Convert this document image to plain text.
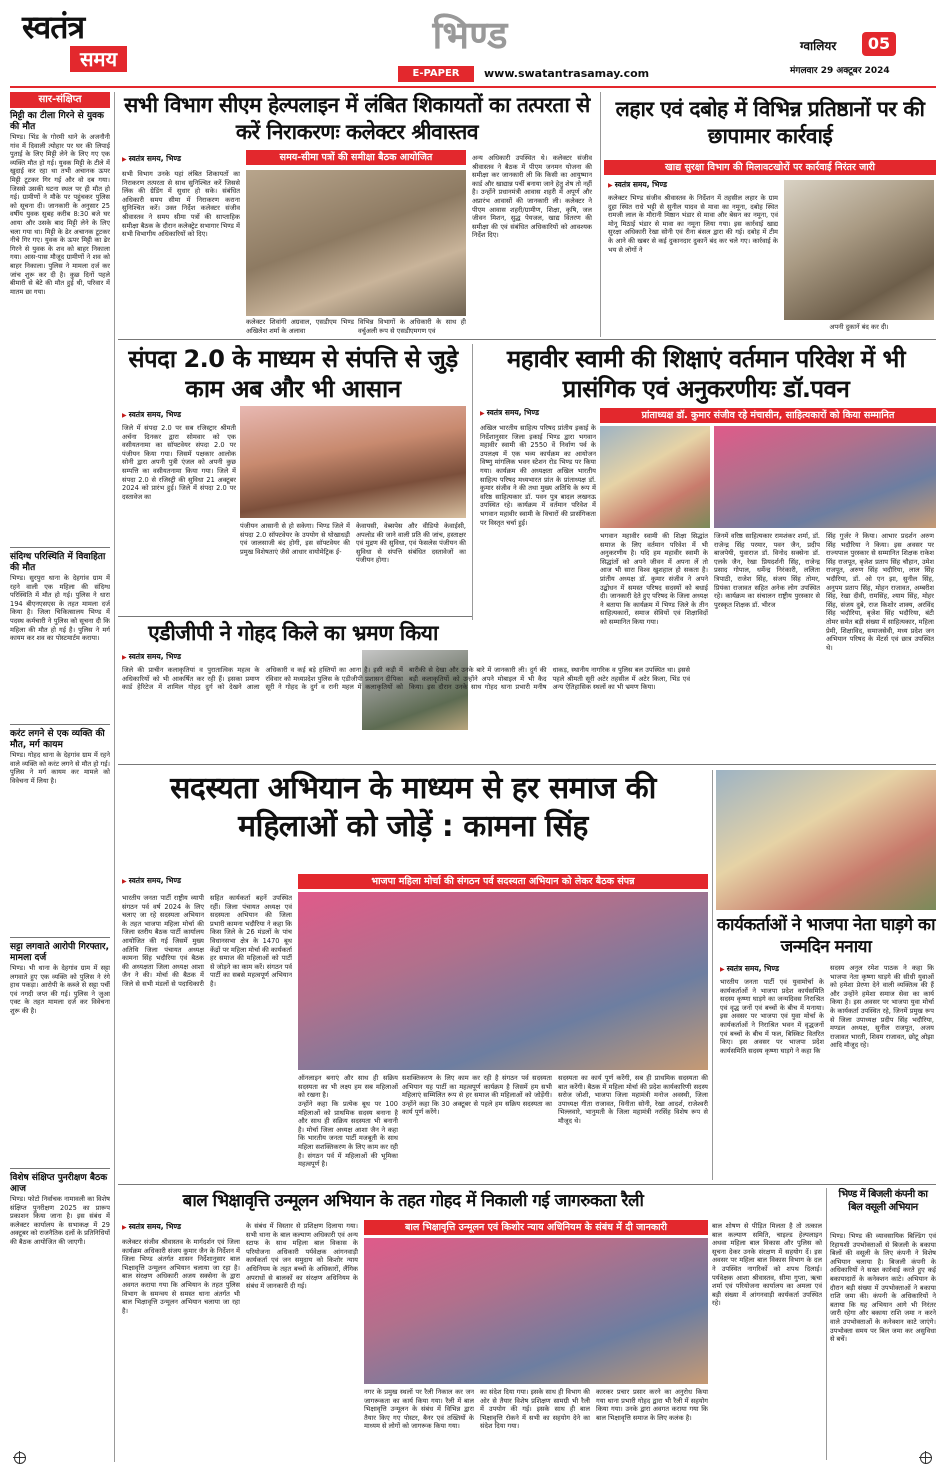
स्वतंत्र
समय
भिण्ड
E-PAPER	www.swatantrasamay.com
ग्वालियर	05
मंगलवार 29 अक्टूबर 2024
सार-संक्षिप्त
मिट्टी का टीला गिरने से युवक की मौत
भिण्ड। भिंड के गोरमी थाने के अजनौनी गांव में दिवाली त्योहार पर घर की लिपाई पुताई के लिए मिट्टी लेने के लिए गए एक व्यक्ति मौत हो गई। युवक मिट्टी के टीले में खुदाई कर रहा था तभी अचानक ऊपर मिट्टी टूटकर गिर गई और वो दब गया। जिससे उसकी घटना स्थल पर ही मौत हो गई। ग्रामीणों ने मौके पर पहुंचकर पुलिस को सूचना दी। जानकारी के अनुसार 25 वर्षीय युवक सुबह करीब 8:30 बजे घर आया और उसके बाद मिट्टी लेने के लिए चला गया था। मिट्टी के ढेर अचानक टूटकर नीचे गिर गए। युवक के ऊपर मिट्टी का ढेर गिरने से युवक के शव को बाहर निकाला गया। आस-पास मौजूद ग्रामीणों ने शव को बाहर निकाला। पुलिस ने मामला दर्ज कर जांच शुरू कर दी है। कुछ दिनों पहले बीमारी से बेटे की मौत हुई थी, परिवार में मातम छा गया।
संदिग्ध परिस्थिति में विवाहिता की मौत
भिण्ड। सुरपुरा थाना के देहगांव ग्राम में रहने वाली एक महिला की संदिग्ध परिस्थिति में मौत हो गई। पुलिस ने धारा 194 बीएनएसएस के तहत मामला दर्ज किया है। जिला चिकित्सालय भिण्ड में पदस्थ कर्मचारी ने पुलिस को सूचना दी कि महिला की मौत हो गई है। पुलिस ने मर्ग कायम कर शव का पोस्टमार्टम कराया।
करंट लगने से एक व्यक्ति की मौत, मर्ग कायम
भिण्ड। गोहद थाना के देहगांव ग्राम में रहने वाले व्यक्ति को करंट लगने से मौत हो गई। पुलिस ने मर्ग कायम कर मामले को विवेचना में लिया है।
सट्टा लगवाते आरोपी गिरफ्तार, मामला दर्ज
भिण्ड। भी थाना के देहगांव ग्राम में सट्टा लगवाते हुए एक व्यक्ति को पुलिस ने रंगे हाथ पकड़ा। आरोपी के कब्जे से सट्टा पर्ची एवं नगदी जप्त की गई। पुलिस ने जुआ एक्ट के तहत मामला दर्ज कर विवेचना शुरू की है।
विशेष संक्षिप्त पुनरीक्षण बैठक आज
भिण्ड। फोटो निर्वाचक नामावली का विशेष संक्षिप्त पुनरीक्षण 2025 का प्रारूप प्रकाशन किया जाना है। इस संबंध में कलेक्टर कार्यालय के सभाकक्ष में 29 अक्टूबर को राजनैतिक दलों के प्रतिनिधियों की बैठक आयोजित की जाएगी।
सभी विभाग सीएम हेल्पलाइन में लंबित शिकायतों का तत्परता से करें निराकरणः कलेक्टर श्रीवास्तव
▶ स्वतंत्र समय, भिण्ड	समय-सीमा पत्रों की समीक्षा बैठक आयोजित
सभी विभाग उनके यहां लंबित शिकायतों का निराकरण तत्परता से साथ सुनिश्चित करें जिससे लिंक की ग्रेडिंग में सुधार हो सके। संबंधित अधिकारी समय सीमा में निराकरण कराना सुनिश्चित करें। उक्त निर्देश कलेक्टर संजीव श्रीवास्तव ने समय सीमा पत्रों की साप्ताहिक समीक्षा बैठक के दौरान कलेक्ट्रेट सभागार भिण्ड में सभी विभागीय अधिकारियों को दिए।
कलेक्टर शिवांगी अग्रवाल, एसडीएम भिण्ड अखिलेश शर्मा के अलावा
विभिन्न विभागों के अधिकारी के साथ ही वर्चुअली रूप से एसडीएमगण एवं
अन्य अधिकारी उपस्थित थे। कलेक्टर संजीव श्रीवास्तव ने बैठक में पीएम जनमन योजना की समीक्षा कर जानकारी ली कि किसी का आयुष्मान कार्ड और खाद्यान्न पर्ची बनाया जाने हेतु शेष तो नहीं है। उन्होंने प्रधानमंत्री आवास शहरी में अपूर्ण और अप्रारंभ आवासों की जानकारी ली। कलेक्टर ने पीएम आवास शहरी/ग्रामीण, शिक्षा, कृषि, जल जीवन मिशन, सुद्ध पेयजल, खाद्य वितरण की समीक्षा की एवं संबंधित अधिकारियों को आवश्यक निर्देश दिए।
लहार एवं दबोह में विभिन्न प्रतिष्ठानों पर की छापामार कार्रवाई
खाद्य सुरक्षा विभाग की मिलावटखोरों पर कार्रवाई निरंतर जारी
▶ स्वतंत्र समय, भिण्ड
कलेक्टर भिण्ड संजीव श्रीवास्तव के निर्देशन में तहसील लहार के ग्राम दुहा स्थित राधे भट्टी से सुनील यादव से मावा का नमूना, दबोह स्थित रामजी लाल के मौरानी मिष्ठान भंडार से मावा और बेसन का नमूना, एवं मोनू मिठाई भंडार से मावा का नमूना लिया गया। इस कार्रवाई खाद्य सुरक्षा अधिकारी रेखा सोनी एवं रीना बंसल द्वारा की गई। दबोह में टीम के आने की खबर से कई दुकानदार दुकानें बंद कर चले गए। कार्रवाई के भय से लोगों ने
अपनी दुकानें बंद कर दी।
संपदा 2.0 के माध्यम से संपत्ति से जुड़े काम अब और भी आसान
▶ स्वतंत्र समय, भिण्ड
जिले में संपदा 2.0 पर सब रजिस्ट्रार श्रीमती अर्चना दिनकर द्वारा सोमवार को एक वसीयतनामा का सॉफ्टवेयर संपदा 2.0 पर पंजीयन किया गया। जिसमें पक्षकार आलोक सोनी द्वारा अपनी पुत्री एंजल को अपनी कुछ सम्पत्ति का वसीयतनामा किया गया। जिले में संपदा 2.0 से रजिस्ट्री की सुविधा 21 अक्टूबर 2024 को प्रारंभ हुई। जिले में संपदा 2.0 पर दस्तावेज का
पंजीयन आसानी से हो सकेगा। भिण्ड जिले में संपदा 2.0 सॉफ्टवेयर के उपयोग से घोखाधड़ी एवं जालसाजी बंद होगी, इस सॉफ्टवेयर की प्रमुख विशेषताएं जैसे आधार वायोमेट्रिक ई-
केवायसी, वेब्सपेस और वीडियो केवाईसी, अपलोड की जाने वाली प्रति की जांच, हस्ताक्षर एवं मुद्रण की सुविधा, एवं फेसलेस पंजीयन की सुविधा से संपत्ति संबंधित दस्तावेजों का पंजीयन होगा।
महावीर स्वामी की शिक्षाएं वर्तमान परिवेश में भी प्रासंगिक एवं अनुकरणीयः डॉ.पवन
प्रांताध्यक्ष डॉ. कुमार संजीव रहे मंचासीन, साहित्यकारों को किया सम्मानित
▶ स्वतंत्र समय, भिण्ड
अखिल भारतीय साहित्य परिषद प्रांतीय इकाई के निर्देशानुसार जिला इकाई भिण्ड द्वारा भगवान महावीर स्वामी की 2550 वें निर्वाण पर्व के उपलक्ष्य में एक भव्य कार्यक्रम का आयोजन विष्णु मांगलिक भवन स्टेशन रोड भिण्ड पर किया गया। कार्यक्रम की अध्यक्षता अखिल भारतीय साहित्य परिषद मध्यभारत प्रांत के प्रांताध्यक्ष डॉ. कुमार संजीव ने की तथा मुख्य अतिथि के रूप में वरिष्ठ साहित्यकार डॉ. पवन पुत्र बादल लखनऊ उपस्थित रहे। कार्यक्रम में वर्तमान परिवेश में भगवान महावीर स्वामी के विचारों की प्रासंगिकता पर विस्तृत चर्चा हुई।
भगवान महावीर स्वामी की शिक्षा सिद्धांत समाज के लिए वर्तमान परिवेश में भी अनुकरणीय है। यदि हम महावीर स्वामी के सिद्धांतों को अपने जीवन में अपना लें तो आज भी सारा विश्व खुशहाल हो सकता है। प्रांतीय अध्यक्ष डॉ. कुमार संजीव ने अपने उद्बोधन में समस्त परिषद सदस्यों को बधाई दी। जानकारी देते हुए परिषद के जिला अध्यक्ष ने बताया कि कार्यक्रम में भिण्ड जिले के तीन साहित्यकारों, समाज सेवियों एवं शिक्षाविदों को सम्मानित किया गया।
जिनमें वरिष्ठ साहित्यकार रामशंकर शर्मा, डॉ. राजेन्द्र सिंह परमार, पवन जैन, प्रदीप बाजपेयी, युवाराज डॉ. विनोद सक्सेना डॉ. एलके जैन, रेखा प्रियदर्शनी सिंह, राजेन्द्र प्रसाद गोपाल, धर्मेन्द्र निरंकारी, ललिता त्रिपाठी, राजेश सिंह, संजय सिंह तोमर, प्रियंका राजावत सहित अनेक लोग उपस्थित रहे। कार्यक्रम का संचालन राष्ट्रीय पुरस्कार से पुरस्कृत शिक्षक डॉ. भीरज
सिंह गुर्जर ने किया। आभार प्रदर्शन अरुण सिंह भदौरिया ने किया। इस अवसर पर राज्यपाल पुरस्कार से सम्मानित शिक्षक राकेश सिंह राजपूत, बृजेश प्रताप सिंह चौहान, उमेश राजपूत, अरुण सिंह भदौरिया, लाल सिंह भदौरिया, डॉ. ओ एन झा, सुनील सिंह, अनुपम प्रताप सिंह, मोहन राजावत, अम्बरीश सिंह, रेखा दीवी, रामसिंह, श्याम सिंह, मोहर सिंह, संजय दुबे, राज किशोर शाक्य, अरविंद सिंह भदौरिया, बृजेश सिंह भदौरिया, बंटी तोमर समेत बड़ी संख्या में साहित्यकार, महिला प्रेमी, शिक्षाविद, समाजसेवी, मध्य प्रदेश जन अभियान परिषद के मेंटर्स एवं छात्र उपस्थित थे।
एडीजीपी ने गोहद किले का भ्रमण किया
▶ स्वतंत्र समय, भिण्ड
जिले की प्राचीन कलाकृतियां व पुरातात्विक महत्व के अधिकारियों को भी आकर्षित कर रही हैं। इसका प्रमाण कार्ड हेरिटेज में शामिल गोहद दुर्ग को देखने आला अधिकारी व कई बड़े हस्तियों का आना है। इसी कड़ी में रविवार को मध्यप्रदेश पुलिस के एडीजीपी प्रशासन दीपिका सूरी ने गोहद के दुर्ग व रानी महल में कलाकृतियों को बारीकी से देखा और उनके बारे में जानकारी ली। दुर्ग की बड़ी कलाकृतियों को उन्होंने अपने मोबाइल में भी कैद किया। इस दौरान उनके साथ गोहद थाना प्रभारी मनीष धाकड़, स्थानीय नागरिक व पुलिस बल उपस्थित था। इससे पहले श्रीमती सूरी अटेर तहसील में अटेर किला, भिंड एवं अन्य ऐतिहासिक स्थलों का भी भ्रमण किया।
सदस्यता अभियान के माध्यम से हर समाज की महिलाओं को जोड़ें : कामना सिंह
▶ स्वतंत्र समय, भिण्ड	भाजपा महिला मोर्चा की संगठन पर्व सदस्यता अभियान को लेकर बैठक संपन्न
भारतीय जनता पार्टी राष्ट्रीय व्यापी संगठन पर्व वर्ष 2024 के लिए चलाए जा रहे सदस्यता अभियान के तहत भाजपा महिला मोर्चा की जिला स्तरीय बैठक पार्टी कार्यालय आयोजित की गई जिसमें मुख्य अतिथि जिला पंचायत अध्यक्ष कामना सिंह भदौरिया एवं बैठक की अध्यक्षता जिला अध्यक्ष आशा जैन ने की। मोर्चा की बैठक में जिले से सभी मंडलों से पदाधिकारी सहित कार्यकर्ता बहनें उपस्थित रहीं। जिला पंचायत अध्यक्ष एवं सदस्यता अभियान की जिला प्रभारी कामना भदौरिया ने कहा कि किस जिले के 26 मंडलों के पांच विधानसभा क्षेत्र के 1470 बूथ केंद्रों पर महिला मोर्चा की कार्यकर्ता हर समाज की महिलाओं को पार्टी से जोड़ने का काम करें। संगठन पर्व पार्टी का सबसे महत्वपूर्ण अभियान है।
ऑनलाइन बनाएं और साथ ही सक्रिय सदस्यता का भी लक्ष्य हम सब महिलाओं को रखना है।
उन्होंने कहा कि प्रत्येक बूथ पर 100 महिलाओं को प्राथमिक सदस्य बनाना है और साथ ही सक्रिय सदस्यता भी बनानी है। मोर्चा जिला अध्यक्ष आशा जैन ने कहा कि भारतीय जनता पार्टी मजबूती के साथ महिला सशक्तिकरण के लिए काम कर रही है। संगठन पर्व में महिलाओं की भूमिका महत्वपूर्ण है।
सशक्तिकरण के लिए काम कर रही है संगठन पर्व सदस्यता अभियान यह पार्टी का महत्वपूर्ण कार्यक्रम है जिसमें हम सभी महिलाएं सम्मिलित रूप से हर समाज की महिलाओं को जोड़ेंगी। उन्होंने कहा कि 30 अक्टूबर से पहले हम सक्रिय सदस्यता का कार्य पूर्ण करेंगे।
सदस्यता का कार्य पूर्ण करेंगी, सब ही प्राथमिक सदस्यता की बात करेंगी। बैठक में महिला मोर्चा की प्रदेश कार्यकारिणी सदस्य सरोज जोशी, भाजपा जिला महामंत्री मनोज अवस्थी, जिला उपाध्यक्ष गीता राजावत, विनीता सोनी, रेखा आदर्श, राजेश्वरी भिल्लवारे, भानुमती के जिला महामंत्री नरसिंह विशेष रूप से मौजूद थे।
कार्यकर्ताओं ने भाजपा नेता घाड़गे का जन्मदिन मनाया
▶ स्वतंत्र समय, भिण्ड
भारतीय जनता पार्टी एवं युवामोर्चा के कार्यकर्ताओं ने भाजपा प्रदेश कार्यसमिति सदस्य कृष्णा घाड़गे का जन्मदिवस निराश्रित एवं वृद्ध जनों एवं बच्चों के बीच में मनाया। इस अवसर पर भाजपा एवं युवा मोर्चा के कार्यकर्ताओं ने निराश्रित भवन में वृद्धजनों एवं बच्चों के बीच में फल, बिस्किट वितरित किए। इस अवसर पर भाजपा प्रदेश कार्यसमिति सदस्य कृष्णा घाड़गे ने कहा कि
सदस्य अनुल रमेश पाठक ने कहा कि भाजपा नेता कृष्णा घाड़गे की सीधी युवाओं को हमेशा प्रेरणा देने वाली व्यक्तित्व की हैं और उन्होंने हमेशा समाज सेवा का कार्य किया है। इस अवसर पर भाजपा युवा मोर्चा के कार्यकर्ता उपस्थित रहे, जिनमें प्रमुख रूप से जिला उपाध्यक्ष प्रदीप सिंह भदौरिया, मण्डल अध्यक्ष, सुनील राजपूत, अजय राजावत भारती, शिवम राजावत, छोटू ओझा आदि मौजूद रहे।
बाल भिक्षावृत्ति उन्मूलन अभियान के तहत गोहद में निकाली गई जागरुकता रैली
▶ स्वतंत्र समय, भिण्ड
कलेक्टर संजीव श्रीवास्तव के मार्गदर्शन एवं जिला कार्यक्रम अधिकारी संजय कुमार जैन के निर्देशन में जिला भिण्ड अंतर्गत शासन निर्देशानुसार बाल भिक्षावृत्ति उन्मूलन अभियान चलाया जा रहा है। बाल संरक्षण अधिकारी अजय सक्सेना के द्वारा अवगत कराया गया कि अभियान के तहत पुलिस विभाग के समन्वय से समस्त थाना अंतर्गत भी बाल भिक्षावृत्ति उन्मूलन अभियान चलाया जा रहा है।
के संबंध में विस्तार से प्रशिक्षण दिलाया गया। सभी थाना के बाल कल्याण अधिकारी एवं अन्य स्टाफ के साथ महिला बाल विकास के परियोजना अधिकारी पर्यवेक्षक आंगनवाड़ी कार्यकर्ता एवं जन समुदाय को किशोर न्याय अधिनियम के तहत बच्चों के अधिकारों, लैंगिक अपराधों से बालकों का संरक्षण अधिनियम के संबंध में जानकारी दी गई।
बाल भिक्षावृत्ति उन्मूलन एवं किशोर न्याय अधिनियम के संबंध में दी जानकारी
नगर के प्रमुख स्थलों पर रैली निकाल कर जन जागरूकता का कार्य किया गया। रैली में बाल भिक्षावृत्ति उन्मूलन के संबंध में विभिन्न द्वारा तैयार किए गए पोस्टर, बैनर एवं तख्तियों के माध्यम से लोगों को जागरूक किया गया।
का संदेश दिया गया। इसके साथ ही विभाग की ओर से तैयार विशेष प्रशिक्षण सामग्री भी रैली में उपयोग की गई। इसके साथ ही बाल भिक्षावृत्ति रोकने में सभी का सहयोग देने का संदेश दिया गया।
कारकर प्रचार प्रसार करने का अनुरोध किया गया थाना प्रभारी गोहद द्वारा भी रैली में सहयोग किया गया। उनके द्वारा अवगत कराया गया कि बाल भिक्षावृत्ति समाज के लिए कलंक है।
बाल शोषण से पीड़ित मिलता है तो तत्काल बाल कल्याण समिति, चाइल्ड हेल्पलाइन अथवा महिला बाल विकास और पुलिस को सूचना देकर उनके संरक्षण में सहयोग दें। इस अवसर पर महिला बाल विकास विभाग के दल ने उपस्थित नागरिकों को शपथ दिलाई। पर्यवेक्षक आशा श्रीवास्तव, सीमा गुप्ता, ऋचा शर्मा एवं परियोजना कार्यालय का अमला एवं बड़ी संख्या में आंगनवाड़ी कार्यकर्ता उपस्थित रहे।
भिण्ड में बिजली कंपनी का बिल वसूली अभियान
भिण्ड। भिण्ड की व्यावसायिक बिल्डिंग एवं रिहायशी उपभोक्ताओं से बिजली के बकाया बिलों की वसूली के लिए कंपनी ने विशेष अभियान चलाया है। बिजली कंपनी के अधिकारियों ने सख्त कार्रवाई करते हुए कई बकायादारों के कनेक्शन काटे। अभियान के दौरान बड़ी संख्या में उपभोक्ताओं ने बकाया राशि जमा की। कंपनी के अधिकारियों ने बताया कि यह अभियान आगे भी निरंतर जारी रहेगा और बकाया राशि जमा न करने वाले उपभोक्ताओं के कनेक्शन काटे जाएंगे। उपभोक्ता समय पर बिल जमा कर असुविधा से बचें।
